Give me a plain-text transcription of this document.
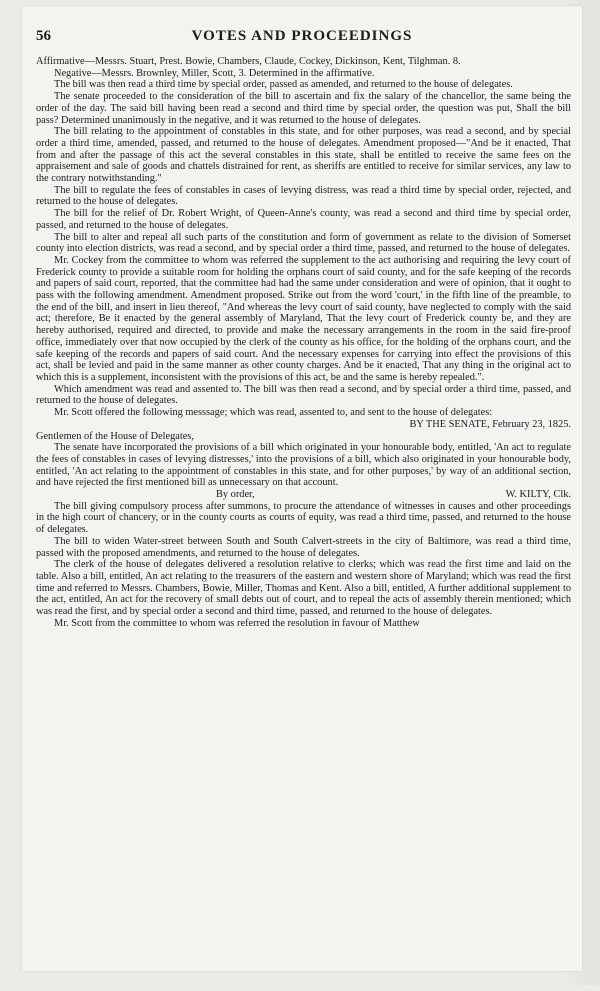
56	VOTES AND PROCEEDINGS

Affirmative—Messrs. Stuart, Prest. Bowie, Chambers, Claude, Cockey, Dickinson, Kent, Tilghman. 8.

Negative—Messrs. Brownley, Miller, Scott, 3. Determined in the affirmative.

The bill was then read a third time by special order, passed as amended, and returned to the house of delegates.

The senate proceeded to the consideration of the bill to ascertain and fix the salary of the chancellor, the same being the order of the day. The said bill having been read a second and third time by special order, the question was put, Shall the bill pass? Determined unanimously in the negative, and it was returned to the house of delegates.

The bill relating to the appointment of constables in this state, and for other purposes, was read a second, and by special order a third time, amended, passed, and returned to the house of delegates. Amendment proposed—"And be it enacted, That from and after the passage of this act the several constables in this state, shall be entitled to receive the same fees on the appraisement and sale of goods and chattels distrained for rent, as sheriffs are entitled to receive for similar services, any law to the contrary notwithstanding."

The bill to regulate the fees of constables in cases of levying distress, was read a third time by special order, rejected, and returned to the house of delegates.

The bill for the relief of Dr. Robert Wright, of Queen-Anne's county, was read a second and third time by special order, passed, and returned to the house of delegates.

The bill to alter and repeal all such parts of the constitution and form of government as relate to the division of Somerset county into election districts, was read a second, and by special order a third time, passed, and returned to the house of delegates.

Mr. Cockey from the committee to whom was referred the supplement to the act authorising and requiring the levy court of Frederick county to provide a suitable room for holding the orphans court of said county, and for the safe keeping of the records and papers of said court, reported, that the committee had had the same under consideration and were of opinion, that it ought to pass with the following amendment. Amendment proposed. Strike out from the word 'court,' in the fifth line of the preamble, to the end of the bill, and insert in lieu thereof, "And whereas the levy court of said county, have neglected to comply with the said act; therefore, Be it enacted by the general assembly of Maryland, That the levy court of Frederick county be, and they are hereby authorised, required and directed, to provide and make the necessary arrangements in the room in the said fire-proof office, immediately over that now occupied by the clerk of the county as his office, for the holding of the orphans court, and the safe keeping of the records and papers of said court. And the necessary expenses for carrying into effect the provisions of this act, shall be levied and paid in the same manner as other county charges. And be it enacted, That any thing in the original act to which this is a supplement, inconsistent with the provisions of this act, be and the same is hereby repealed.".

Which amendment was read and assented to. The bill was then read a second, and by special order a third time, passed, and returned to the house of delegates.

Mr. Scott offered the following messsage; which was read, assented to, and sent to the house of delegates:

BY THE SENATE, February 23, 1825.

Gentlemen of the House of Delegates,

The senate have incorporated the provisions of a bill which originated in your honourable body, entitled, 'An act to regulate the fees of constables in cases of levying distresses,' into the provisions of a bill, which also originated in your honourable body, entitled, 'An act relating to the appointment of constables in this state, and for other purposes,' by way of an additional section, and have rejected the first mentioned bill as unnecessary on that account.

By order,	W. KILTY, Clk.

The bill giving compulsory process after summons, to procure the attendance of witnesses in causes and other proceedings in the high court of chancery, or in the county courts as courts of equity, was read a third time, passed, and returned to the house of delegates.

The bill to widen Water-street between South and South Calvert-streets in the city of Baltimore, was read a third time, passed with the proposed amendments, and returned to the house of delegates.

The clerk of the house of delegates delivered a resolution relative to clerks; which was read the first time and laid on the table. Also a bill, entitled, An act relating to the treasurers of the eastern and western shore of Maryland; which was read the first time and referred to Messrs. Chambers, Bowie, Miller, Thomas and Kent. Also a bill, entitled, A further additional supplement to the act, entitled, An act for the recovery of small debts out of court, and to repeal the acts of assembly therein mentioned; which was read the first, and by special order a second and third time, passed, and returned to the house of delegates.

Mr. Scott from the committee to whom was referred the resolution in favour of Matthew
